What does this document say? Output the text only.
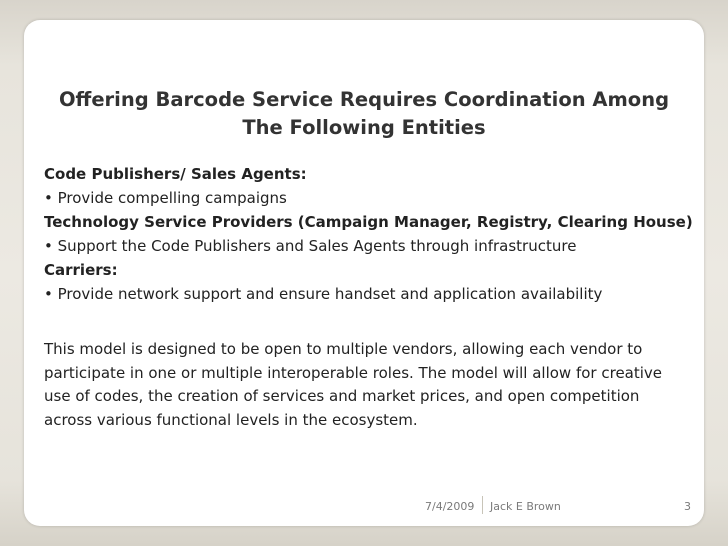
Offering Barcode Service Requires Coordination Among The Following Entities
Code Publishers/ Sales Agents:
• Provide compelling campaigns
Technology Service Providers (Campaign Manager, Registry, Clearing House)
• Support the Code Publishers and Sales Agents through infrastructure
Carriers:
• Provide network support and ensure handset and application availability
This model is designed to be open to multiple vendors, allowing each vendor to participate in one or multiple interoperable roles. The model will allow for creative use of codes, the creation of services and market prices, and open competition across various functional levels in the ecosystem.
7/4/2009 Jack E Brown	3
